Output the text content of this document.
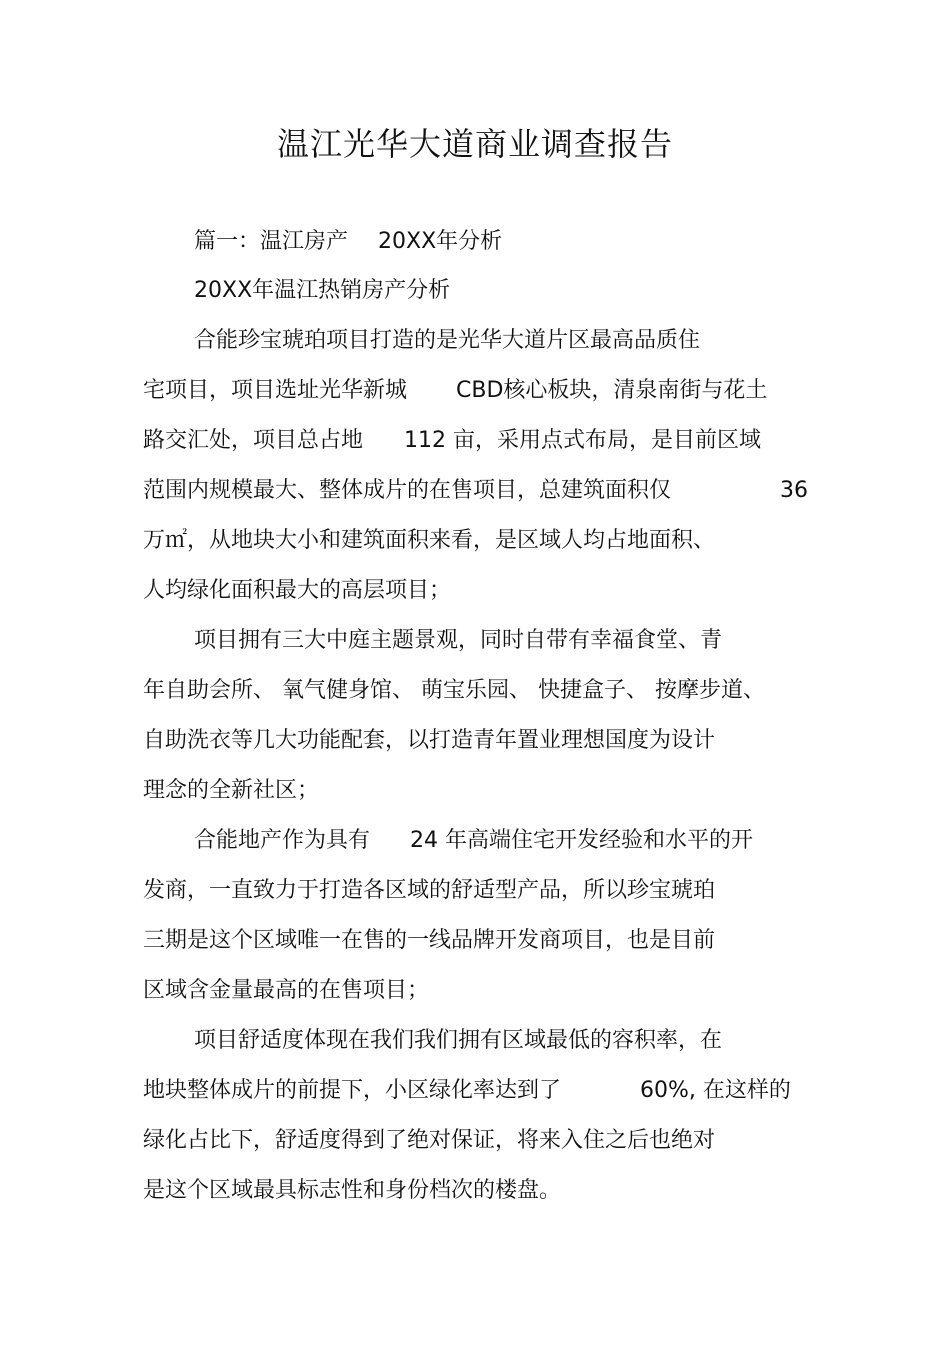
温江光华大道商业调查报告
篇一：温江房产 20XX年分析
20XX年温江热销房产分析
合能珍宝琥珀项目打造的是光华大道片区最高品质住
宅项目，项目选址光华新城 CBD核心板块，清泉南街与花土
路交汇处，项目总占地 112 亩，采用点式布局，是目前区域
范围内规模最大、整体成片的在售项目，总建筑面积仅	36
万㎡，从地块大小和建筑面积来看，是区域人均占地面积、
人均绿化面积最大的高层项目；
项目拥有三大中庭主题景观，同时自带有幸福食堂、青
年自助会所、 氧气健身馆、 萌宝乐园、 快捷盒子、 按摩步道、
自助洗衣等几大功能配套，以打造青年置业理想国度为设计
理念的全新社区；
合能地产作为具有 24 年高端住宅开发经验和水平的开
发商，一直致力于打造各区域的舒适型产品，所以珍宝琥珀
三期是这个区域唯一在售的一线品牌开发商项目，也是目前
区域含金量最高的在售项目；
项目舒适度体现在我们我们拥有区域最低的容积率，在
地块整体成片的前提下，小区绿化率达到了	60%, 在这样的
绿化占比下，舒适度得到了绝对保证，将来入住之后也绝对
是这个区域最具标志性和身份档次的楼盘。
